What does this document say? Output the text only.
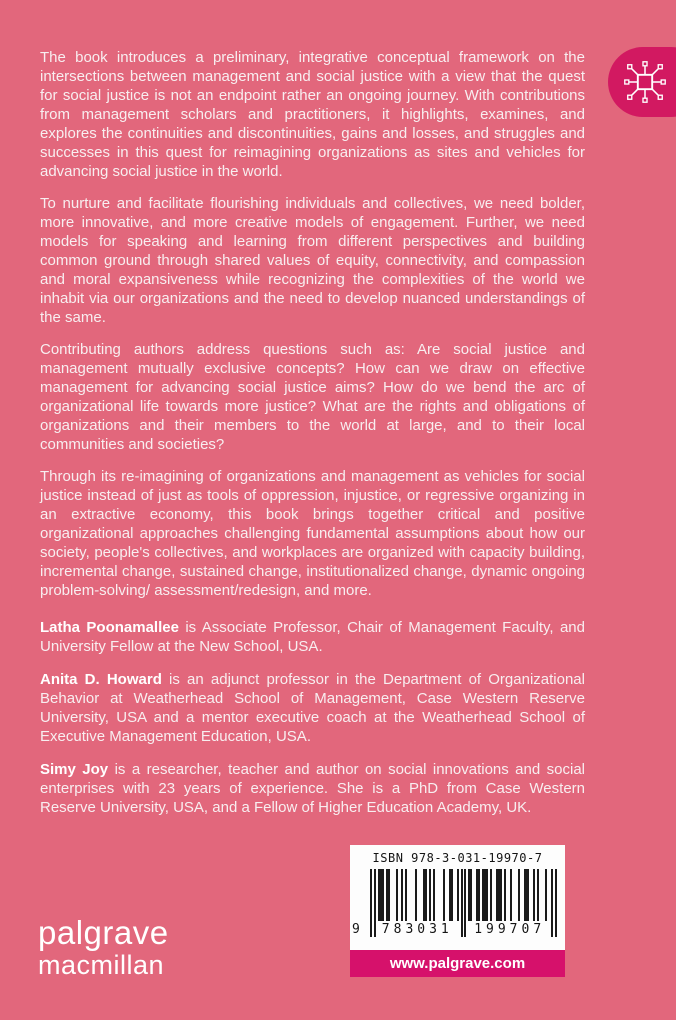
The book introduces a preliminary, integrative conceptual framework on the intersections between management and social justice with a view that the quest for social justice is not an endpoint rather an ongoing journey. With contributions from management scholars and practitioners, it highlights, examines, and explores the continuities and discontinuities, gains and losses, and struggles and successes in this quest for reimagining organizations as sites and vehicles for advancing social justice in the world.

To nurture and facilitate flourishing individuals and collectives, we need bolder, more innovative, and more creative models of engagement. Further, we need models for speaking and learning from different perspectives and building common ground through shared values of equity, connectivity, and compassion and moral expansiveness while recognizing the complexities of the world we inhabit via our organizations and the need to develop nuanced understandings of the same.

Contributing authors address questions such as: Are social justice and management mutually exclusive concepts? How can we draw on effective management for advancing social justice aims? How do we bend the arc of organizational life towards more justice? What are the rights and obligations of organizations and their members to the world at large, and to their local communities and societies?

Through its re-imagining of organizations and management as vehicles for social justice instead of just as tools of oppression, injustice, or regressive organizing in an extractive economy, this book brings together critical and positive organizational approaches challenging fundamental assumptions about how our society, people's collectives, and workplaces are organized with capacity building, incremental change, sustained change, institutionalized change, dynamic ongoing problem-solving/ assessment/redesign, and more.

Latha Poonamallee is Associate Professor, Chair of Management Faculty, and University Fellow at the New School, USA.

Anita D. Howard is an adjunct professor in the Department of Organizational Behavior at Weatherhead School of Management, Case Western Reserve University, USA and a mentor executive coach at the Weatherhead School of Executive Management Education, USA.

Simy Joy is a researcher, teacher and author on social innovations and social enterprises with 23 years of experience. She is a PhD from Case Western Reserve University, USA, and a Fellow of Higher Education Academy, UK.

ISBN 978-3-031-19970-7
9	783031	199707
www.palgrave.com
palgrave
macmillan
